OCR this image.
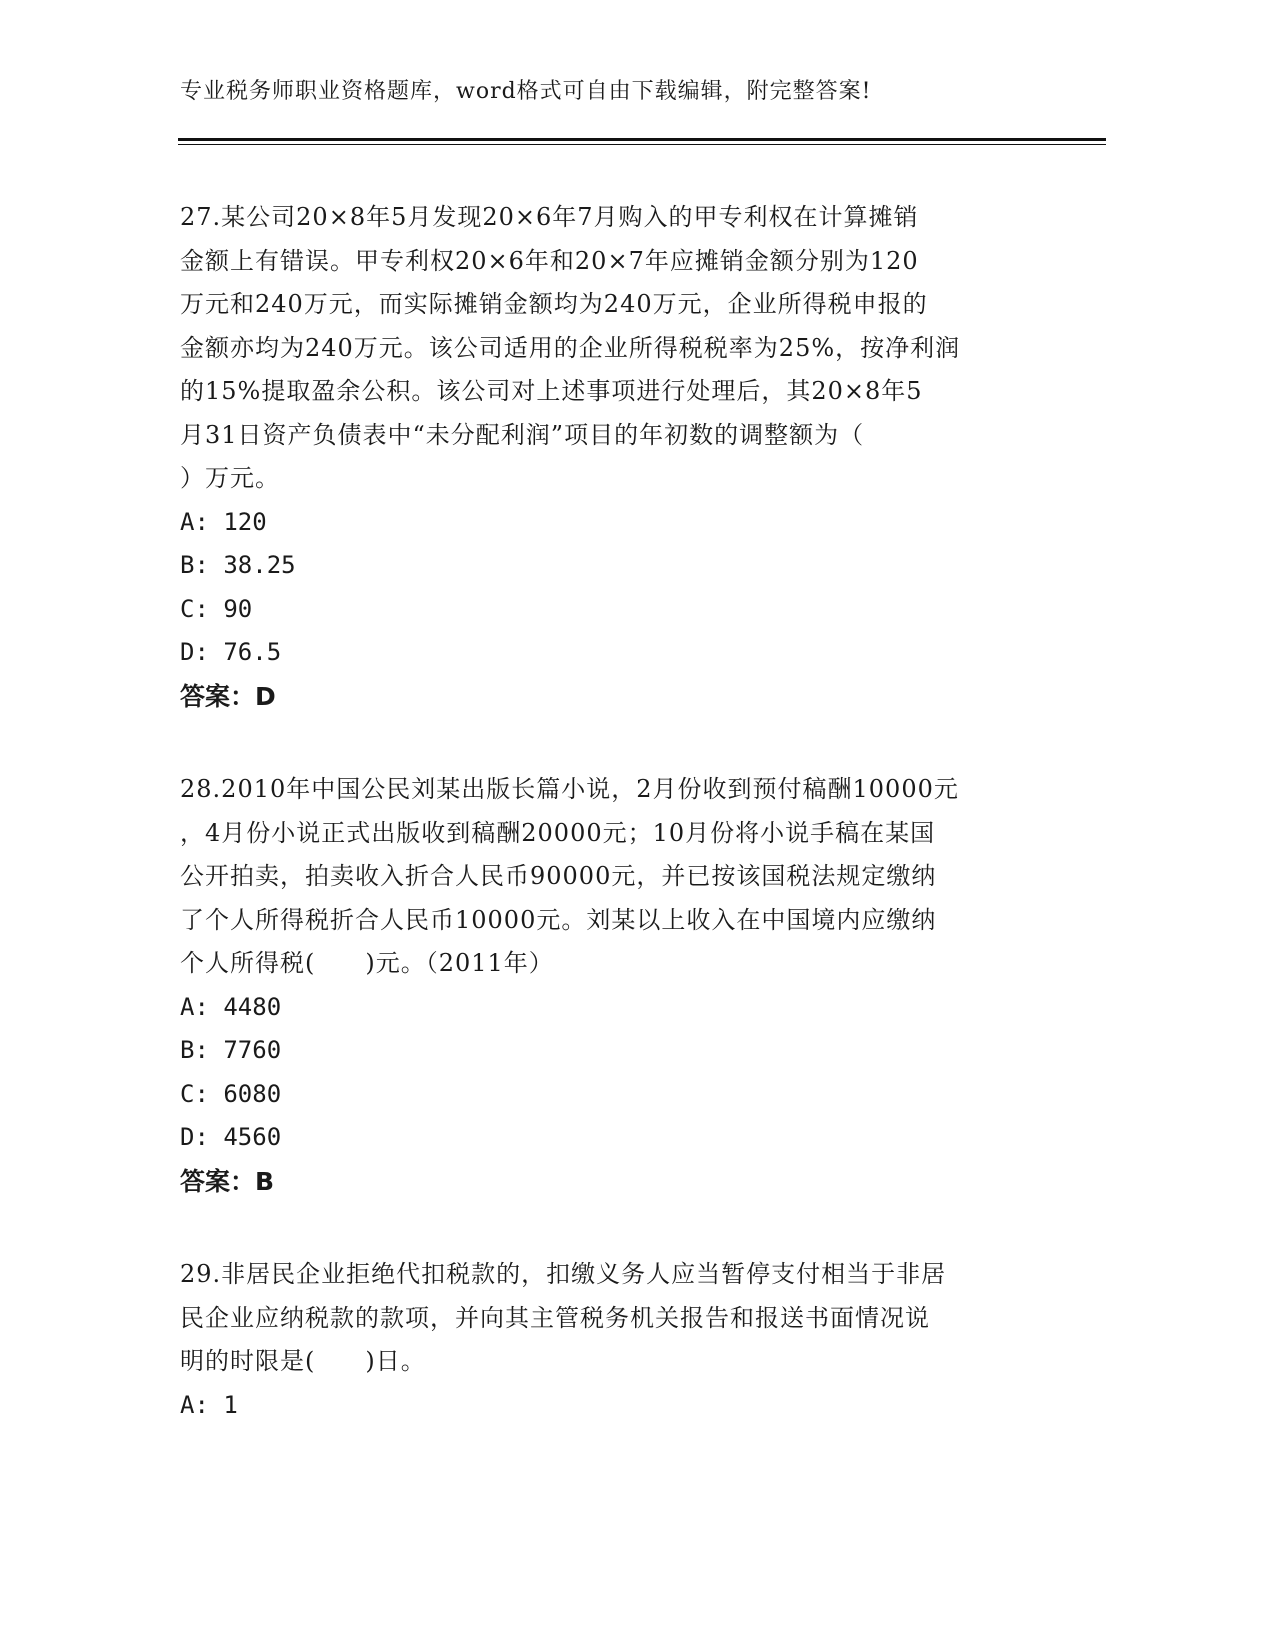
专业税务师职业资格题库，word格式可自由下载编辑，附完整答案!
27.某公司20×8年5月发现20×6年7月购入的甲专利权在计算摊销
金额上有错误。甲专利权20×6年和20×7年应摊销金额分别为120
万元和240万元，而实际摊销金额均为240万元，企业所得税申报的
金额亦均为240万元。该公司适用的企业所得税税率为25%，按净利润
的15%提取盈余公积。该公司对上述事项进行处理后，其20×8年5
月31日资产负债表中“未分配利润”项目的年初数的调整额为（
）万元。
A: 120
B: 38.25
C: 90
D: 76.5
答案：D
28.2010年中国公民刘某出版长篇小说，2月份收到预付稿酬10000元
，4月份小说正式出版收到稿酬20000元；10月份将小说手稿在某国
公开拍卖，拍卖收入折合人民币90000元，并已按该国税法规定缴纳
了个人所得税折合人民币10000元。刘某以上收入在中国境内应缴纳
个人所得税(　　)元。（2011年）
A: 4480
B: 7760
C: 6080
D: 4560
答案：B
29.非居民企业拒绝代扣税款的，扣缴义务人应当暂停支付相当于非居
民企业应纳税款的款项，并向其主管税务机关报告和报送书面情况说
明的时限是(　　)日。
A: 1
